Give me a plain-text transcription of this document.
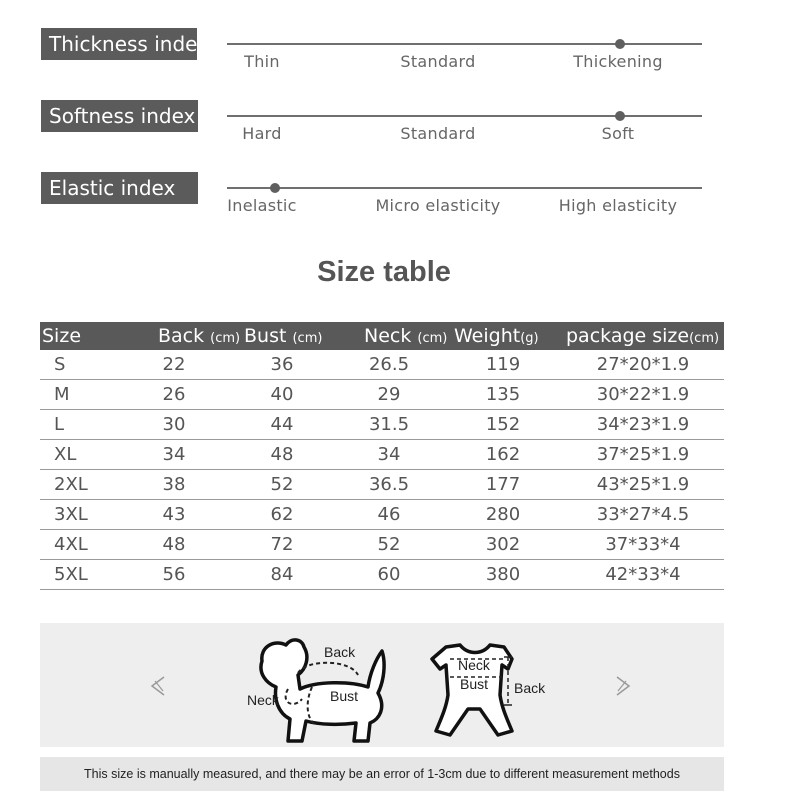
Thickness index
Thin	Standard	Thickening
Softness index
Hard	Standard	Soft
Elastic index
Inelastic	Micro elasticity	High elasticity
Size table
Size	Back (cm)	Bust (cm)	Neck (cm)	Weight(g)	package size(cm)
S	22	36	26.5	119	27*20*1.9
M	26	40	29	135	30*22*1.9
L	30	44	31.5	152	34*23*1.9
XL	34	48	34	162	37*25*1.9
2XL	38	52	36.5	177	43*25*1.9
3XL	43	62	46	280	33*27*4.5
4XL	48	72	52	302	37*33*4
5XL	56	84	60	380	42*33*4
Back
Neck	Bust
Neck
Bust Back
This size is manually measured, and there may be an error of 1-3cm due to different measurement methods
